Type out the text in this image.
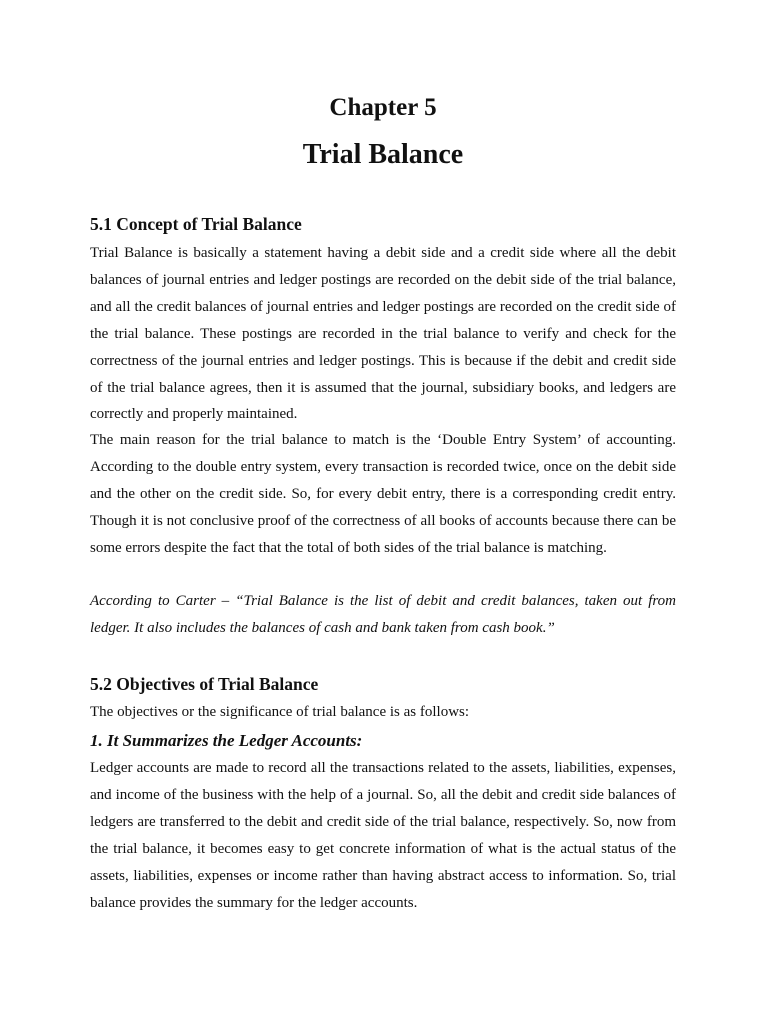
Chapter 5
Trial Balance
5.1 Concept of Trial Balance

Trial Balance is basically a statement having a debit side and a credit side where all the debit balances of journal entries and ledger postings are recorded on the debit side of the trial balance, and all the credit balances of journal entries and ledger postings are recorded on the credit side of the trial balance. These postings are recorded in the trial balance to verify and check for the correctness of the journal entries and ledger postings. This is because if the debit and credit side of the trial balance agrees, then it is assumed that the journal, subsidiary books, and ledgers are correctly and properly maintained.

The main reason for the trial balance to match is the ‘Double Entry System’ of accounting. According to the double entry system, every transaction is recorded twice, once on the debit side and the other on the credit side. So, for every debit entry, there is a corresponding credit entry. Though it is not conclusive proof of the correctness of all books of accounts because there can be some errors despite the fact that the total of both sides of the trial balance is matching.

According to Carter – “Trial Balance is the list of debit and credit balances, taken out from ledger. It also includes the balances of cash and bank taken from cash book.”

5.2 Objectives of Trial Balance

The objectives or the significance of trial balance is as follows:

1. It Summarizes the Ledger Accounts:

Ledger accounts are made to record all the transactions related to the assets, liabilities, expenses, and income of the business with the help of a journal. So, all the debit and credit side balances of ledgers are transferred to the debit and credit side of the trial balance, respectively. So, now from the trial balance, it becomes easy to get concrete information of what is the actual status of the assets, liabilities, expenses or income rather than having abstract access to information. So, trial balance provides the summary for the ledger accounts.
